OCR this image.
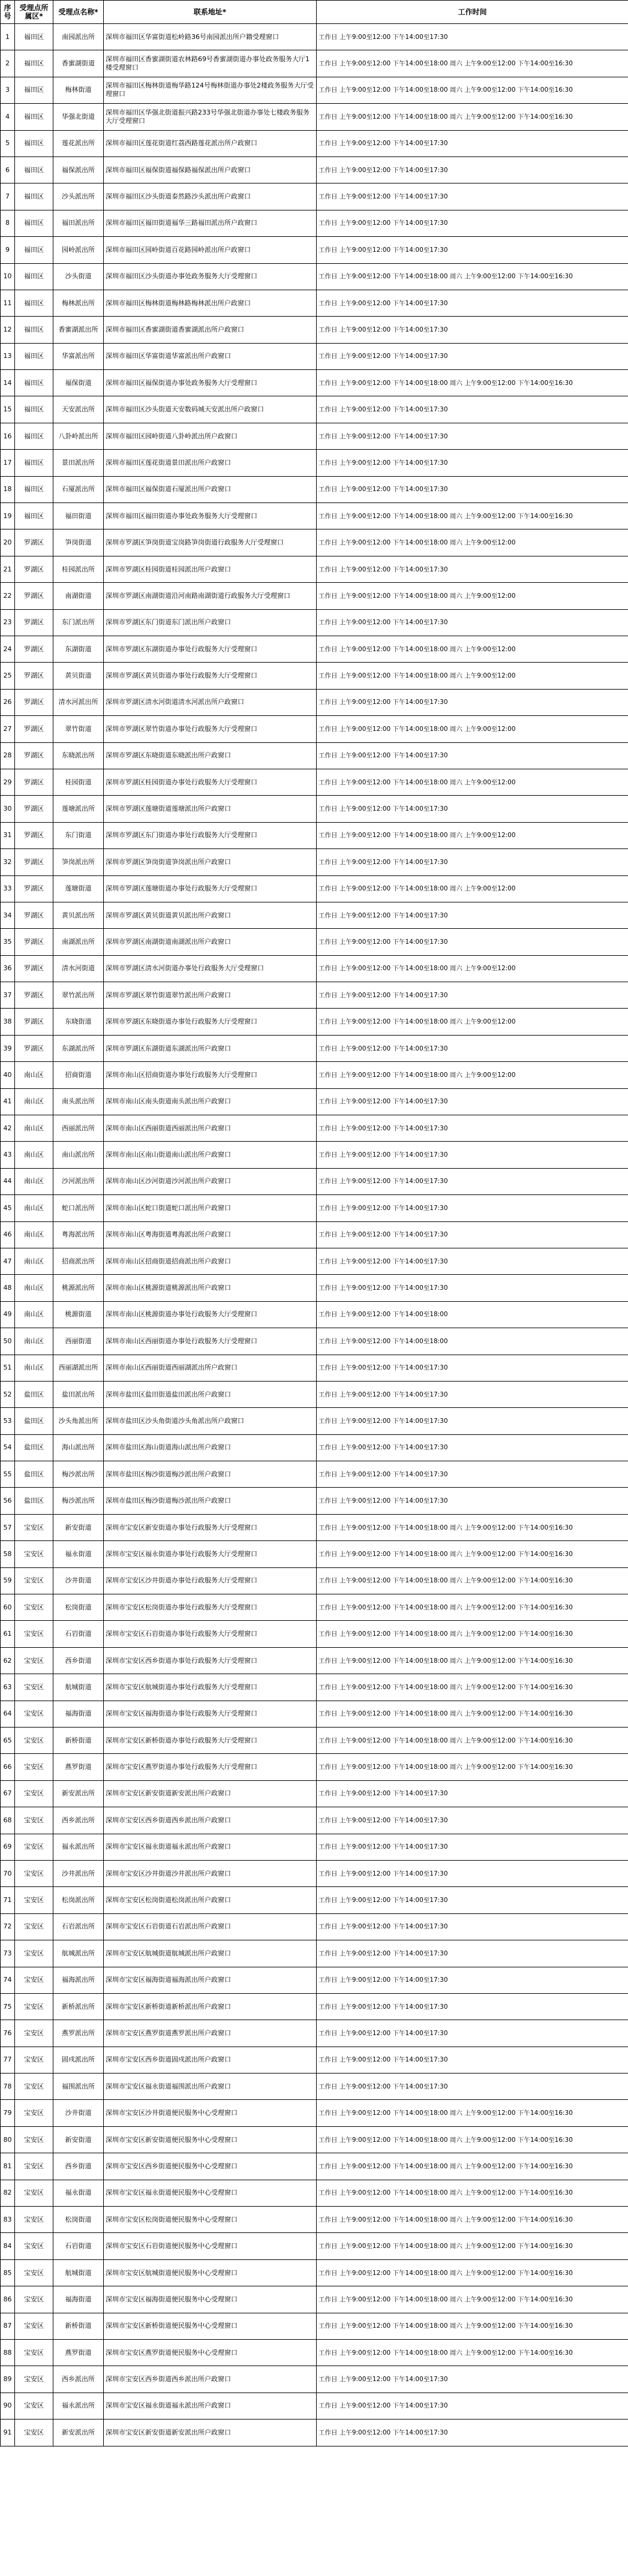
序号	受理点所属区*	受理点名称*	联系地址*	工作时间
1	福田区	南园派出所	深圳市福田区华富街道松岭路36号南园派出所户籍受理窗口	工作日 上午9:00至12:00 下午14:00至17:30
2	福田区	香蜜湖街道	深圳市福田区香蜜湖街道农林路69号香蜜湖街道办事处政务服务大厅1楼受理窗口	工作日 上午9:00至12:00 下午14:00至18:00 周六 上午9:00至12:00 下午14:00至16:30
3	福田区	梅林街道	深圳市福田区梅林街道梅华路124号梅林街道办事处2楼政务服务大厅受理窗口	工作日 上午9:00至12:00 下午14:00至18:00 周六 上午9:00至12:00 下午14:00至16:30
4	福田区	华强北街道	深圳市福田区华强北街道振兴路233号华强北街道办事处七楼政务服务大厅受理窗口	工作日 上午9:00至12:00 下午14:00至18:00 周六 上午9:00至12:00 下午14:00至16:30
5	福田区	莲花派出所	深圳市福田区莲花街道红荔西路莲花派出所户政窗口	工作日 上午9:00至12:00 下午14:00至17:30
6	福田区	福保派出所	深圳市福田区福保街道福保路福保派出所户政窗口	工作日 上午9:00至12:00 下午14:00至17:30
7	福田区	沙头派出所	深圳市福田区沙头街道泰然路沙头派出所户政窗口	工作日 上午9:00至12:00 下午14:00至17:30
8	福田区	福田派出所	深圳市福田区福田街道福华三路福田派出所户政窗口	工作日 上午9:00至12:00 下午14:00至17:30
9	福田区	园岭派出所	深圳市福田区园岭街道百花路园岭派出所户政窗口	工作日 上午9:00至12:00 下午14:00至17:30
10	福田区	沙头街道	深圳市福田区沙头街道办事处政务服务大厅受理窗口	工作日 上午9:00至12:00 下午14:00至18:00 周六 上午9:00至12:00 下午14:00至16:30
11	福田区	梅林派出所	深圳市福田区梅林街道梅林路梅林派出所户政窗口	工作日 上午9:00至12:00 下午14:00至17:30
12	福田区	香蜜湖派出所	深圳市福田区香蜜湖街道香蜜湖派出所户政窗口	工作日 上午9:00至12:00 下午14:00至17:30
13	福田区	华富派出所	深圳市福田区华富街道华富派出所户政窗口	工作日 上午9:00至12:00 下午14:00至17:30
14	福田区	福保街道	深圳市福田区福保街道办事处政务服务大厅受理窗口	工作日 上午9:00至12:00 下午14:00至18:00 周六 上午9:00至12:00 下午14:00至16:30
15	福田区	天安派出所	深圳市福田区沙头街道天安数码城天安派出所户政窗口	工作日 上午9:00至12:00 下午14:00至17:30
16	福田区	八卦岭派出所	深圳市福田区园岭街道八卦岭派出所户政窗口	工作日 上午9:00至12:00 下午14:00至17:30
17	福田区	景田派出所	深圳市福田区莲花街道景田派出所户政窗口	工作日 上午9:00至12:00 下午14:00至17:30
18	福田区	石厦派出所	深圳市福田区福保街道石厦派出所户政窗口	工作日 上午9:00至12:00 下午14:00至17:30
19	福田区	福田街道	深圳市福田区福田街道办事处政务服务大厅受理窗口	工作日 上午9:00至12:00 下午14:00至18:00 周六 上午9:00至12:00 下午14:00至16:30
20	罗湖区	笋岗街道	深圳市罗湖区笋岗街道宝岗路笋岗街道行政服务大厅受理窗口	工作日 上午9:00至12:00 下午14:00至18:00 周六 上午9:00至12:00
21	罗湖区	桂园派出所	深圳市罗湖区桂园街道桂园派出所户政窗口	工作日 上午9:00至12:00 下午14:00至17:30
22	罗湖区	南湖街道	深圳市罗湖区南湖街道沿河南路南湖街道行政服务大厅受理窗口	工作日 上午9:00至12:00 下午14:00至18:00 周六 上午9:00至12:00
23	罗湖区	东门派出所	深圳市罗湖区东门街道东门派出所户政窗口	工作日 上午9:00至12:00 下午14:00至17:30
24	罗湖区	东湖街道	深圳市罗湖区东湖街道办事处行政服务大厅受理窗口	工作日 上午9:00至12:00 下午14:00至18:00 周六 上午9:00至12:00
25	罗湖区	黄贝街道	深圳市罗湖区黄贝街道办事处行政服务大厅受理窗口	工作日 上午9:00至12:00 下午14:00至18:00 周六 上午9:00至12:00
26	罗湖区	清水河派出所	深圳市罗湖区清水河街道清水河派出所户政窗口	工作日 上午9:00至12:00 下午14:00至17:30
27	罗湖区	翠竹街道	深圳市罗湖区翠竹街道办事处行政服务大厅受理窗口	工作日 上午9:00至12:00 下午14:00至18:00 周六 上午9:00至12:00
28	罗湖区	东晓派出所	深圳市罗湖区东晓街道东晓派出所户政窗口	工作日 上午9:00至12:00 下午14:00至17:30
29	罗湖区	桂园街道	深圳市罗湖区桂园街道办事处行政服务大厅受理窗口	工作日 上午9:00至12:00 下午14:00至18:00 周六 上午9:00至12:00
30	罗湖区	莲塘派出所	深圳市罗湖区莲塘街道莲塘派出所户政窗口	工作日 上午9:00至12:00 下午14:00至17:30
31	罗湖区	东门街道	深圳市罗湖区东门街道办事处行政服务大厅受理窗口	工作日 上午9:00至12:00 下午14:00至18:00 周六 上午9:00至12:00
32	罗湖区	笋岗派出所	深圳市罗湖区笋岗街道笋岗派出所户政窗口	工作日 上午9:00至12:00 下午14:00至17:30
33	罗湖区	莲塘街道	深圳市罗湖区莲塘街道办事处行政服务大厅受理窗口	工作日 上午9:00至12:00 下午14:00至18:00 周六 上午9:00至12:00
34	罗湖区	黄贝派出所	深圳市罗湖区黄贝街道黄贝派出所户政窗口	工作日 上午9:00至12:00 下午14:00至17:30
35	罗湖区	南湖派出所	深圳市罗湖区南湖街道南湖派出所户政窗口	工作日 上午9:00至12:00 下午14:00至17:30
36	罗湖区	清水河街道	深圳市罗湖区清水河街道办事处行政服务大厅受理窗口	工作日 上午9:00至12:00 下午14:00至18:00 周六 上午9:00至12:00
37	罗湖区	翠竹派出所	深圳市罗湖区翠竹街道翠竹派出所户政窗口	工作日 上午9:00至12:00 下午14:00至17:30
38	罗湖区	东晓街道	深圳市罗湖区东晓街道办事处行政服务大厅受理窗口	工作日 上午9:00至12:00 下午14:00至18:00 周六 上午9:00至12:00
39	罗湖区	东湖派出所	深圳市罗湖区东湖街道东湖派出所户政窗口	工作日 上午9:00至12:00 下午14:00至17:30
40	南山区	招商街道	深圳市南山区招商街道办事处行政服务大厅受理窗口	工作日 上午9:00至12:00 下午14:00至18:00 周六 上午9:00至12:00
41	南山区	南头派出所	深圳市南山区南头街道南头派出所户政窗口	工作日 上午9:00至12:00 下午14:00至17:30
42	南山区	西丽派出所	深圳市南山区西丽街道西丽派出所户政窗口	工作日 上午9:00至12:00 下午14:00至17:30
43	南山区	南山派出所	深圳市南山区南山街道南山派出所户政窗口	工作日 上午9:00至12:00 下午14:00至17:30
44	南山区	沙河派出所	深圳市南山区沙河街道沙河派出所户政窗口	工作日 上午9:00至12:00 下午14:00至17:30
45	南山区	蛇口派出所	深圳市南山区蛇口街道蛇口派出所户政窗口	工作日 上午9:00至12:00 下午14:00至17:30
46	南山区	粤海派出所	深圳市南山区粤海街道粤海派出所户政窗口	工作日 上午9:00至12:00 下午14:00至17:30
47	南山区	招商派出所	深圳市南山区招商街道招商派出所户政窗口	工作日 上午9:00至12:00 下午14:00至17:30
48	南山区	桃源派出所	深圳市南山区桃源街道桃源派出所户政窗口	工作日 上午9:00至12:00 下午14:00至17:30
49	南山区	桃源街道	深圳市南山区桃源街道办事处行政服务大厅受理窗口	工作日 上午9:00至12:00 下午14:00至18:00
50	南山区	西丽街道	深圳市南山区西丽街道办事处行政服务大厅受理窗口	工作日 上午9:00至12:00 下午14:00至18:00
51	南山区	西丽湖派出所	深圳市南山区西丽街道西丽湖派出所户政窗口	工作日 上午9:00至12:00 下午14:00至17:30
52	盐田区	盐田派出所	深圳市盐田区盐田街道盐田派出所户政窗口	工作日 上午9:00至12:00 下午14:00至17:30
53	盐田区	沙头角派出所	深圳市盐田区沙头角街道沙头角派出所户政窗口	工作日 上午9:00至12:00 下午14:00至17:30
54	盐田区	海山派出所	深圳市盐田区海山街道海山派出所户政窗口	工作日 上午9:00至12:00 下午14:00至17:30
55	盐田区	梅沙派出所	深圳市盐田区梅沙街道梅沙派出所户政窗口	工作日 上午9:00至12:00 下午14:00至17:30
56	盐田区	梅沙派出所	深圳市盐田区梅沙街道梅沙派出所户政窗口	工作日 上午9:00至12:00 下午14:00至17:30
57	宝安区	新安街道	深圳市宝安区新安街道办事处行政服务大厅受理窗口	工作日 上午9:00至12:00 下午14:00至18:00 周六 上午9:00至12:00 下午14:00至16:30
58	宝安区	福永街道	深圳市宝安区福永街道办事处行政服务大厅受理窗口	工作日 上午9:00至12:00 下午14:00至18:00 周六 上午9:00至12:00 下午14:00至16:30
59	宝安区	沙井街道	深圳市宝安区沙井街道办事处行政服务大厅受理窗口	工作日 上午9:00至12:00 下午14:00至18:00 周六 上午9:00至12:00 下午14:00至16:30
60	宝安区	松岗街道	深圳市宝安区松岗街道办事处行政服务大厅受理窗口	工作日 上午9:00至12:00 下午14:00至18:00 周六 上午9:00至12:00 下午14:00至16:30
61	宝安区	石岩街道	深圳市宝安区石岩街道办事处行政服务大厅受理窗口	工作日 上午9:00至12:00 下午14:00至18:00 周六 上午9:00至12:00 下午14:00至16:30
62	宝安区	西乡街道	深圳市宝安区西乡街道办事处行政服务大厅受理窗口	工作日 上午9:00至12:00 下午14:00至18:00 周六 上午9:00至12:00 下午14:00至16:30
63	宝安区	航城街道	深圳市宝安区航城街道办事处行政服务大厅受理窗口	工作日 上午9:00至12:00 下午14:00至18:00 周六 上午9:00至12:00 下午14:00至16:30
64	宝安区	福海街道	深圳市宝安区福海街道办事处行政服务大厅受理窗口	工作日 上午9:00至12:00 下午14:00至18:00 周六 上午9:00至12:00 下午14:00至16:30
65	宝安区	新桥街道	深圳市宝安区新桥街道办事处行政服务大厅受理窗口	工作日 上午9:00至12:00 下午14:00至18:00 周六 上午9:00至12:00 下午14:00至16:30
66	宝安区	燕罗街道	深圳市宝安区燕罗街道办事处行政服务大厅受理窗口	工作日 上午9:00至12:00 下午14:00至18:00 周六 上午9:00至12:00 下午14:00至16:30
67	宝安区	新安派出所	深圳市宝安区新安街道新安派出所户政窗口	工作日 上午9:00至12:00 下午14:00至17:30
68	宝安区	西乡派出所	深圳市宝安区西乡街道西乡派出所户政窗口	工作日 上午9:00至12:00 下午14:00至17:30
69	宝安区	福永派出所	深圳市宝安区福永街道福永派出所户政窗口	工作日 上午9:00至12:00 下午14:00至17:30
70	宝安区	沙井派出所	深圳市宝安区沙井街道沙井派出所户政窗口	工作日 上午9:00至12:00 下午14:00至17:30
71	宝安区	松岗派出所	深圳市宝安区松岗街道松岗派出所户政窗口	工作日 上午9:00至12:00 下午14:00至17:30
72	宝安区	石岩派出所	深圳市宝安区石岩街道石岩派出所户政窗口	工作日 上午9:00至12:00 下午14:00至17:30
73	宝安区	航城派出所	深圳市宝安区航城街道航城派出所户政窗口	工作日 上午9:00至12:00 下午14:00至17:30
74	宝安区	福海派出所	深圳市宝安区福海街道福海派出所户政窗口	工作日 上午9:00至12:00 下午14:00至17:30
75	宝安区	新桥派出所	深圳市宝安区新桥街道新桥派出所户政窗口	工作日 上午9:00至12:00 下午14:00至17:30
76	宝安区	燕罗派出所	深圳市宝安区燕罗街道燕罗派出所户政窗口	工作日 上午9:00至12:00 下午14:00至17:30
77	宝安区	固戍派出所	深圳市宝安区西乡街道固戍派出所户政窗口	工作日 上午9:00至12:00 下午14:00至17:30
78	宝安区	福围派出所	深圳市宝安区福永街道福围派出所户政窗口	工作日 上午9:00至12:00 下午14:00至17:30
79	宝安区	沙井街道	深圳市宝安区沙井街道便民服务中心受理窗口	工作日 上午9:00至12:00 下午14:00至18:00 周六 上午9:00至12:00 下午14:00至16:30
80	宝安区	新安街道	深圳市宝安区新安街道便民服务中心受理窗口	工作日 上午9:00至12:00 下午14:00至18:00 周六 上午9:00至12:00 下午14:00至16:30
81	宝安区	西乡街道	深圳市宝安区西乡街道便民服务中心受理窗口	工作日 上午9:00至12:00 下午14:00至18:00 周六 上午9:00至12:00 下午14:00至16:30
82	宝安区	福永街道	深圳市宝安区福永街道便民服务中心受理窗口	工作日 上午9:00至12:00 下午14:00至18:00 周六 上午9:00至12:00 下午14:00至16:30
83	宝安区	松岗街道	深圳市宝安区松岗街道便民服务中心受理窗口	工作日 上午9:00至12:00 下午14:00至18:00 周六 上午9:00至12:00 下午14:00至16:30
84	宝安区	石岩街道	深圳市宝安区石岩街道便民服务中心受理窗口	工作日 上午9:00至12:00 下午14:00至18:00 周六 上午9:00至12:00 下午14:00至16:30
85	宝安区	航城街道	深圳市宝安区航城街道便民服务中心受理窗口	工作日 上午9:00至12:00 下午14:00至18:00 周六 上午9:00至12:00 下午14:00至16:30
86	宝安区	福海街道	深圳市宝安区福海街道便民服务中心受理窗口	工作日 上午9:00至12:00 下午14:00至18:00 周六 上午9:00至12:00 下午14:00至16:30
87	宝安区	新桥街道	深圳市宝安区新桥街道便民服务中心受理窗口	工作日 上午9:00至12:00 下午14:00至18:00 周六 上午9:00至12:00 下午14:00至16:30
88	宝安区	燕罗街道	深圳市宝安区燕罗街道便民服务中心受理窗口	工作日 上午9:00至12:00 下午14:00至18:00 周六 上午9:00至12:00 下午14:00至16:30
89	宝安区	西乡派出所	深圳市宝安区西乡街道西乡派出所户政窗口	工作日 上午9:00至12:00 下午14:00至17:30
90	宝安区	福永派出所	深圳市宝安区福永街道福永派出所户政窗口	工作日 上午9:00至12:00 下午14:00至17:30
91	宝安区	新安派出所	深圳市宝安区新安街道新安派出所户政窗口	工作日 上午9:00至12:00 下午14:00至17:30
